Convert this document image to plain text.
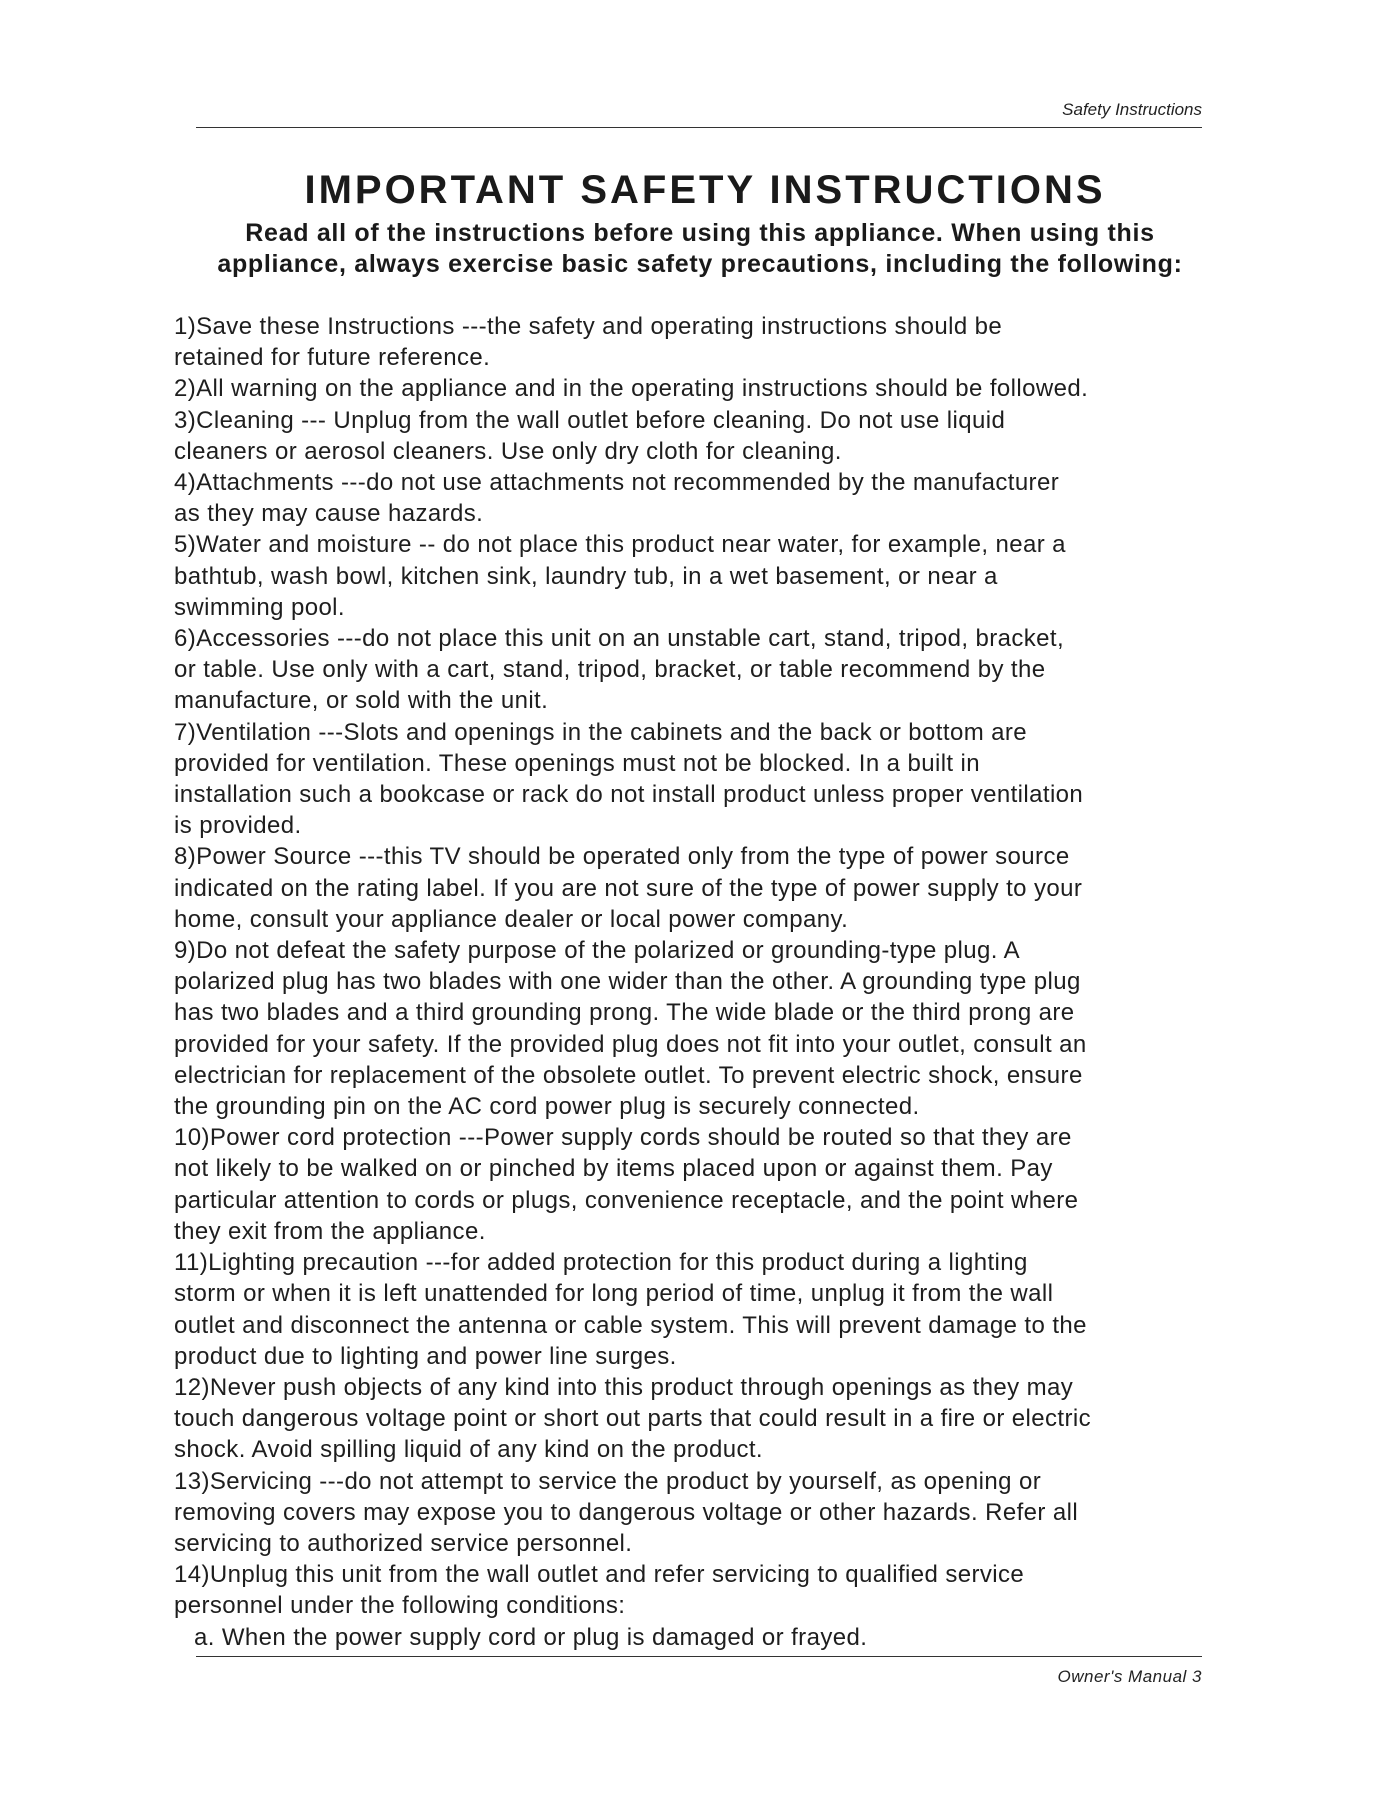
Safety Instructions
IMPORTANT SAFETY INSTRUCTIONS
Read all of the instructions before using this appliance. When using this
appliance, always exercise basic safety precautions, including the following:
1)Save these Instructions ---the safety and operating instructions should be
retained for future reference.
2)All warning on the appliance and in the operating instructions should be followed.
3)Cleaning --- Unplug from the wall outlet before cleaning. Do not use liquid
cleaners or aerosol cleaners. Use only dry cloth for cleaning.
4)Attachments ---do not use attachments not recommended by the manufacturer
as they may cause hazards.
5)Water and moisture -- do not place this product near water, for example, near a
bathtub, wash bowl, kitchen sink, laundry tub, in a wet basement, or near a
swimming pool.
6)Accessories ---do not place this unit on an unstable cart, stand, tripod, bracket,
or table. Use only with a cart, stand, tripod, bracket, or table recommend by the
manufacture, or sold with the unit.
7)Ventilation ---Slots and openings in the cabinets and the back or bottom are
provided for ventilation. These openings must not be blocked. In a built in
installation such a bookcase or rack do not install product unless proper ventilation
is provided.
8)Power Source ---this TV should be operated only from the type of power source
indicated on the rating label. If you are not sure of the type of power supply to your
home, consult your appliance dealer or local power company.
9)Do not defeat the safety purpose of the polarized or grounding-type plug. A
polarized plug has two blades with one wider than the other. A grounding type plug
has two blades and a third grounding prong. The wide blade or the third prong are
provided for your safety. If the provided plug does not fit into your outlet, consult an
electrician for replacement of the obsolete outlet. To prevent electric shock, ensure
the grounding pin on the AC cord power plug is securely connected.
10)Power cord protection ---Power supply cords should be routed so that they are
not likely to be walked on or pinched by items placed upon or against them. Pay
particular attention to cords or plugs, convenience receptacle, and the point where
they exit from the appliance.
11)Lighting precaution ---for added protection for this product during a lighting
storm or when it is left unattended for long period of time, unplug it from the wall
outlet and disconnect the antenna or cable system. This will prevent damage to the
product due to lighting and power line surges.
12)Never push objects of any kind into this product through openings as they may
touch dangerous voltage point or short out parts that could result in a fire or electric
shock. Avoid spilling liquid of any kind on the product.
13)Servicing ---do not attempt to service the product by yourself, as opening or
removing covers may expose you to dangerous voltage or other hazards. Refer all
servicing to authorized service personnel.
14)Unplug this unit from the wall outlet and refer servicing to qualified service
personnel under the following conditions:
a. When the power supply cord or plug is damaged or frayed.
Owner's Manual 3
